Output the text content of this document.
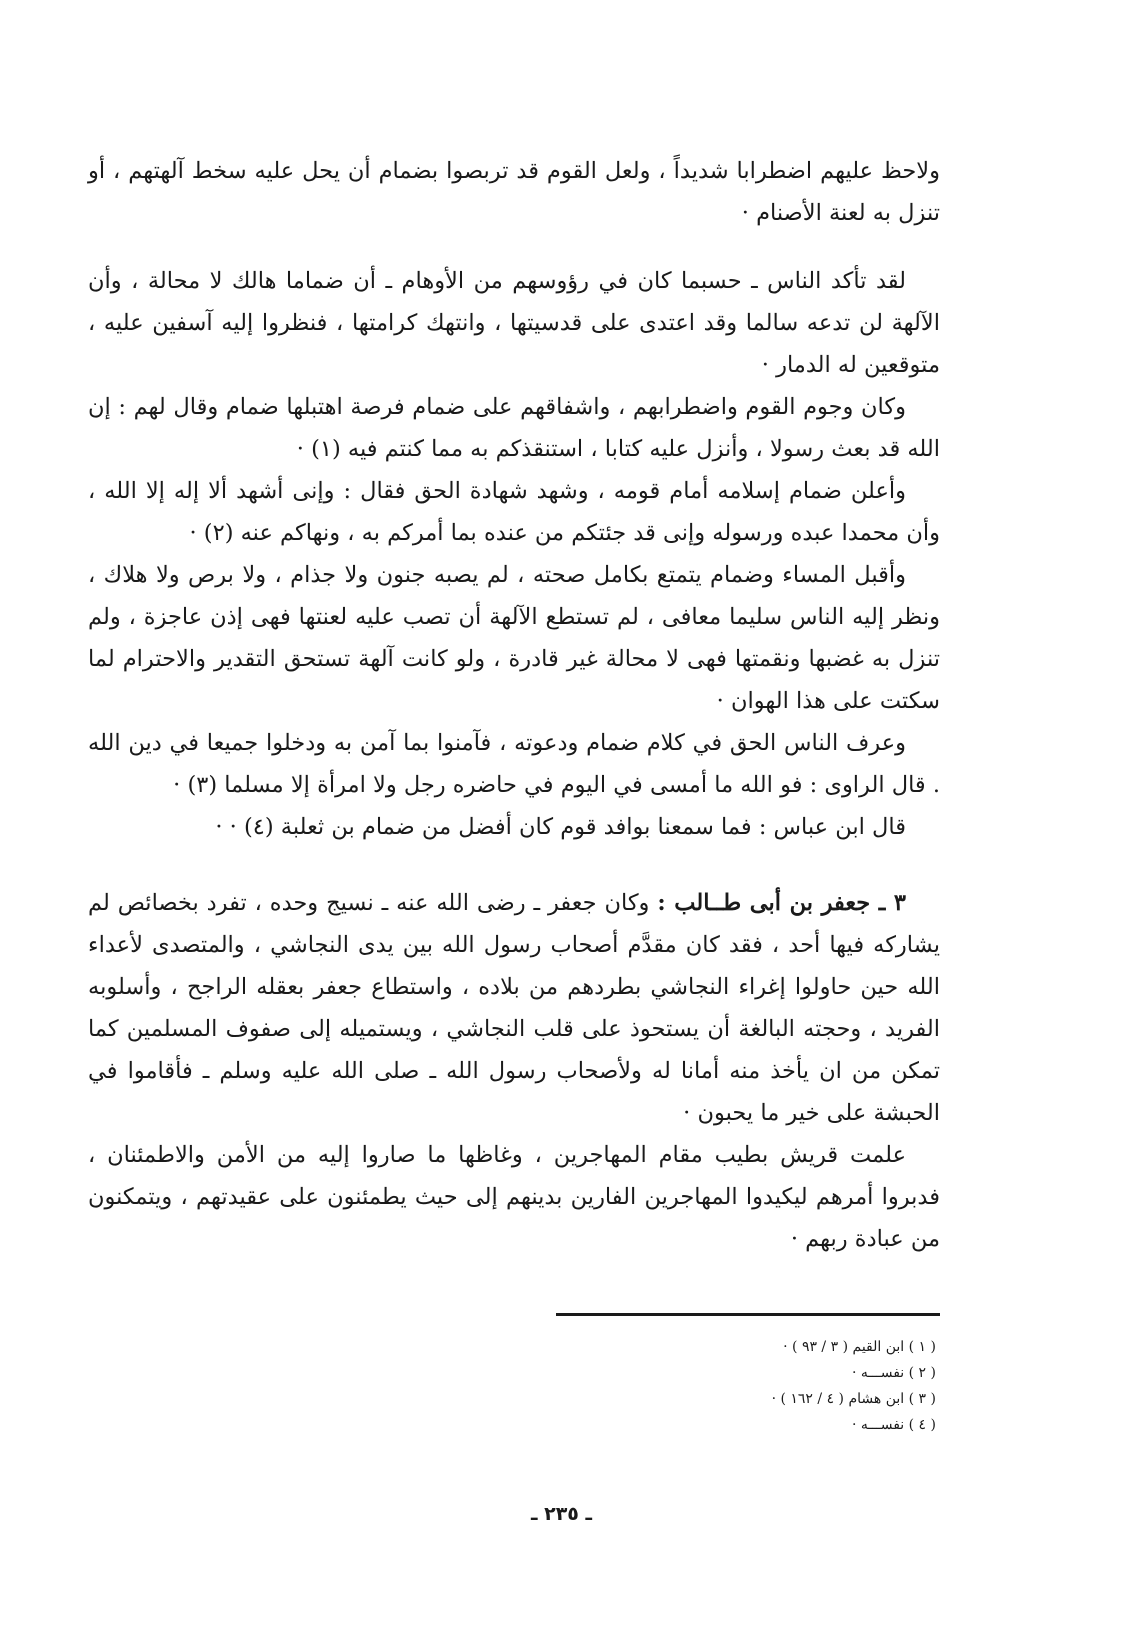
ولاحظ عليهم اضطرابا شديداً ، ولعل القوم قد تربصوا بضمام أن يحل عليه سخط آلهتهم ، أو تنزل به لعنة الأصنام ·

لقد تأكد الناس ـ حسبما كان في رؤوسهم من الأوهام ـ أن ضماما هالك لا محالة ، وأن الآلهة لن تدعه سالما وقد اعتدى على قدسيتها ، وانتهك كرامتها ، فنظروا إليه آسفين عليه ، متوقعين له الدمار ·

وكان وجوم القوم واضطرابهم ، واشفاقهم على ضمام فرصة اهتبلها ضمام وقال لهم : إن الله قد بعث رسولا ، وأنزل عليه كتابا ، استنقذكم به مما كنتم فيه (١) ·

وأعلن ضمام إسلامه أمام قومه ، وشهد شهادة الحق فقال : وإنى أشهد ألا إله إلا الله ، وأن محمدا عبده ورسوله وإنى قد جئتكم من عنده بما أمركم به ، ونهاكم عنه (٢) ·

وأقبل المساء وضمام يتمتع بكامل صحته ، لم يصبه جنون ولا جذام ، ولا برص ولا هلاك ، ونظر إليه الناس سليما معافى ، لم تستطع الآلهة أن تصب عليه لعنتها فهى إذن عاجزة ، ولم تنزل به غضبها ونقمتها فهى لا محالة غير قادرة ، ولو كانت آلهة تستحق التقدير والاحترام لما سكتت على هذا الهوان ·

وعرف الناس الحق في كلام ضمام ودعوته ، فآمنوا بما آمن به ودخلوا جميعا في دين الله . قال الراوى : فو الله ما أمسى في اليوم في حاضره رجل ولا امرأة إلا مسلما (٣) ·

قال ابن عباس : فما سمعنا بوافد قوم كان أفضل من ضمام بن ثعلبة (٤) · ·

٣ ـ جعفر بن أبى طــالب : وكان جعفر ـ رضى الله عنه ـ نسيج وحده ، تفرد بخصائص لم يشاركه فيها أحد ، فقد كان مقدَّم أصحاب رسول الله بين يدى النجاشي ، والمتصدى لأعداء الله حين حاولوا إغراء النجاشي بطردهم من بلاده ، واستطاع جعفر بعقله الراجح ، وأسلوبه الفريد ، وحجته البالغة أن يستحوذ على قلب النجاشي ، ويستميله إلى صفوف المسلمين كما تمكن من ان يأخذ منه أمانا له ولأصحاب رسول الله ـ صلى الله عليه وسلم ـ فأقاموا في الحبشة على خير ما يحبون ·

علمت قريش بطيب مقام المهاجرين ، وغاظها ما صاروا إليه من الأمن والاطمئنان ، فدبروا أمرهم ليكيدوا المهاجرين الفارين بدينهم إلى حيث يطمئنون على عقيدتهم ، ويتمكنون من عبادة ربهم ·

( ١ ) ابن القيم ( ٣ / ٩٣ ) ·
( ٢ ) نفســـه ·
( ٣ ) ابن هشام ( ٤ / ١٦٢ ) ·
( ٤ ) نفســـه ·
ـ ٢٣٥ ـ
